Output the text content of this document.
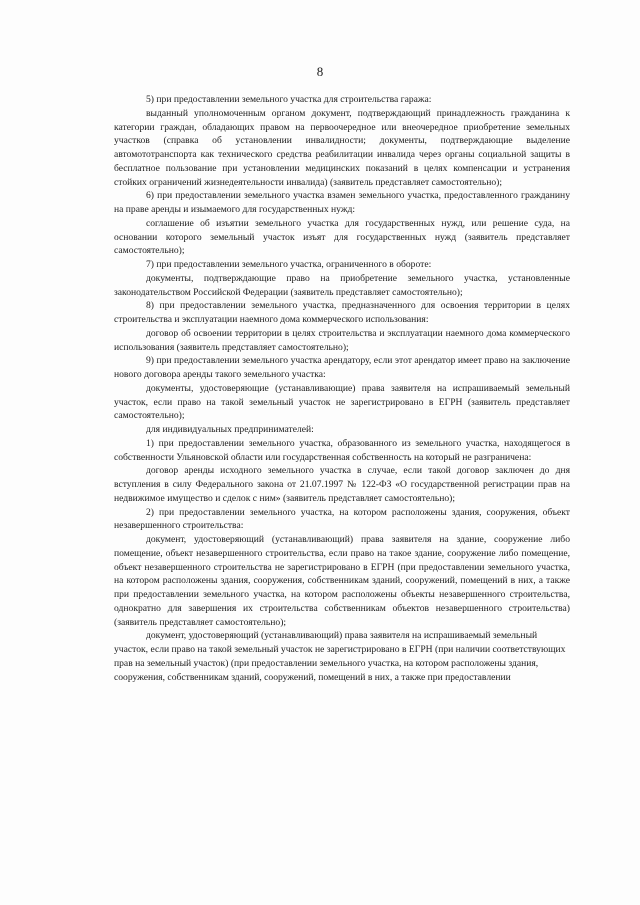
8

5) при предоставлении земельного участка для строительства гаража:

выданный уполномоченным органом документ, подтверждающий принадлежность гражданина к категории граждан, обладающих правом на первоочередное или внеочередное приобретение земельных участков (справка об установлении инвалидности; документы, подтверждающие выделение автомототранспорта как технического средства реабилитации инвалида через органы социальной защиты в бесплатное пользование при установлении медицинских показаний в целях компенсации и устранения стойких ограничений жизнедеятельности инвалида) (заявитель представляет самостоятельно);

6) при предоставлении земельного участка взамен земельного участка, предоставленного гражданину на праве аренды и изымаемого для государственных нужд:

соглашение об изъятии земельного участка для государственных нужд, или решение суда, на основании которого земельный участок изъят для государственных нужд (заявитель представляет самостоятельно);

7) при предоставлении земельного участка, ограниченного в обороте:

документы, подтверждающие право на приобретение земельного участка, установленные законодательством Российской Федерации (заявитель представляет самостоятельно);

8) при предоставлении земельного участка, предназначенного для освоения территории в целях строительства и эксплуатации наемного дома коммерческого использования:

договор об освоении территории в целях строительства и эксплуатации наемного дома коммерческого использования (заявитель представляет самостоятельно);

9) при предоставлении земельного участка арендатору, если этот арендатор имеет право на заключение нового договора аренды такого земельного участка:

документы, удостоверяющие (устанавливающие) права заявителя на испрашиваемый земельный участок, если право на такой земельный участок не зарегистрировано в ЕГРН (заявитель представляет самостоятельно);

для индивидуальных предпринимателей:

1) при предоставлении земельного участка, образованного из земельного участка, находящегося в собственности Ульяновской области или государственная собственность на который не разграничена:

договор аренды исходного земельного участка в случае, если такой договор заключен до дня вступления в силу Федерального закона от 21.07.1997 № 122-ФЗ «О государственной регистрации прав на недвижимое имущество и сделок с ним» (заявитель представляет самостоятельно);

2) при предоставлении земельного участка, на котором расположены здания, сооружения, объект незавершенного строительства:

документ, удостоверяющий (устанавливающий) права заявителя на здание, сооружение либо помещение, объект незавершенного строительства, если право на такое здание, сооружение либо помещение, объект незавершенного строительства не зарегистрировано в ЕГРН (при предоставлении земельного участка, на котором расположены здания, сооружения, собственникам зданий, сооружений, помещений в них, а также при предоставлении земельного участка, на котором расположены объекты незавершенного строительства, однократно для завершения их строительства собственникам объектов незавершенного строительства) (заявитель представляет самостоятельно);

документ, удостоверяющий (устанавливающий) права заявителя на испрашиваемый земельный участок, если право на такой земельный участок не зарегистрировано в ЕГРН (при наличии соответствующих прав на земельный участок) (при предоставлении земельного участка, на котором расположены здания, сооружения, собственникам зданий, сооружений, помещений в них, а также при предоставлении
